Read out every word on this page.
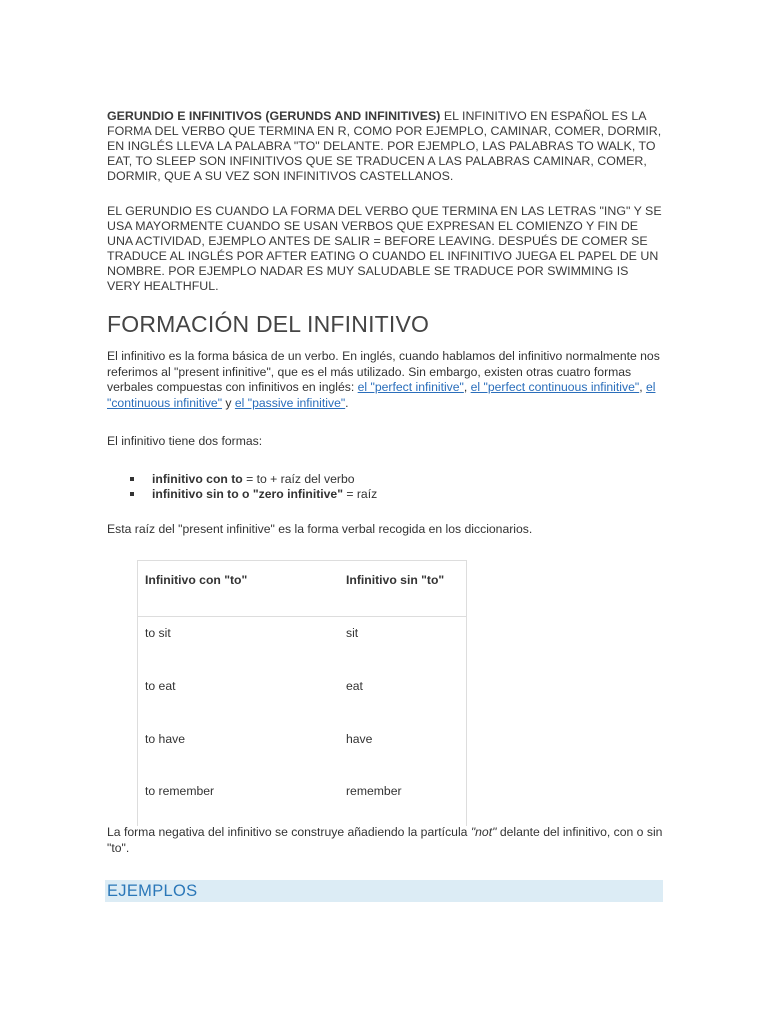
GERUNDIO E INFINITIVOS (GERUNDS AND INFINITIVES) EL INFINITIVO EN ESPAÑOL ES LA FORMA DEL VERBO QUE TERMINA EN R, COMO POR EJEMPLO, CAMINAR, COMER, DORMIR, EN INGLÉS LLEVA LA PALABRA "TO" DELANTE. POR EJEMPLO, LAS PALABRAS TO WALK, TO EAT, TO SLEEP SON INFINITIVOS QUE SE TRADUCEN A LAS PALABRAS CAMINAR, COMER, DORMIR, QUE A SU VEZ SON INFINITIVOS CASTELLANOS.

EL GERUNDIO ES CUANDO LA FORMA DEL VERBO QUE TERMINA EN LAS LETRAS "ING" Y SE USA MAYORMENTE CUANDO SE USAN VERBOS QUE EXPRESAN EL COMIENZO Y FIN DE UNA ACTIVIDAD, EJEMPLO ANTES DE SALIR = BEFORE LEAVING. DESPUÉS DE COMER SE TRADUCE AL INGLÉS POR AFTER EATING O CUANDO EL INFINITIVO JUEGA EL PAPEL DE UN NOMBRE. POR EJEMPLO NADAR ES MUY SALUDABLE SE TRADUCE POR SWIMMING IS VERY HEALTHFUL.

FORMACIÓN DEL INFINITIVO

El infinitivo es la forma básica de un verbo. En inglés, cuando hablamos del infinitivo normalmente nos referimos al "present infinitive", que es el más utilizado. Sin embargo, existen otras cuatro formas verbales compuestas con infinitivos en inglés: el "perfect infinitive", el "perfect continuous infinitive", el "continuous infinitive" y el "passive infinitive".

El infinitivo tiene dos formas:

infinitivo con to = to + raíz del verbo
infinitivo sin to o "zero infinitive" = raíz

Esta raíz del "present infinitive" es la forma verbal recogida en los diccionarios.

Infinitivo con "to"	Infinitivo sin "to"
to sit	sit
to eat	eat
to have	have
to remember	remember

La forma negativa del infinitivo se construye añadiendo la partícula "not" delante del infinitivo, con o sin "to".

EJEMPLOS
